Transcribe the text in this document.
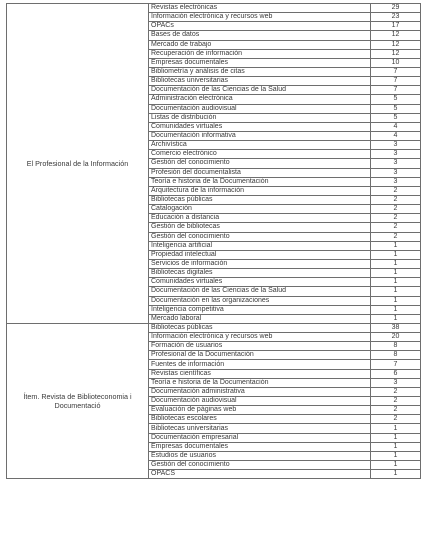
El Profesional de la Información	Revistas electrónicas	29
	Información electrónica y recursos web	23
	OPACs	17
	Bases de datos	12
	Mercado de trabajo	12
	Recuperación de información	12
	Empresas documentales	10
	Bibliometría y análisis de citas	7
	Bibliotecas universitarias	7
	Documentación de las Ciencias de la Salud	7
	Administración electrónica	5
	Documentación audiovisual	5
	Listas de distribución	5
	Comunidades virtuales	4
	Documentación informativa	4
	Archivística	3
	Comercio electrónico	3
	Gestión del conocimiento	3
	Profesión del documentalista	3
	Teoría e historia de la Documentación	3
	Arquitectura de la información	2
	Bibliotecas públicas	2
	Catalogación	2
	Educación a distancia	2
	Gestión de bibliotecas	2
	Gestión del conocimiento	2
	Inteligencia artificial	1
	Propiedad intelectual	1
	Servicios de información	1
	Bibliotecas digitales	1
	Comunidades virtuales	1
	Documentación de las Ciencias de la Salud	1
	Documentación en las organizaciones	1
	Inteligencia competitiva	1
	Mercado laboral	1
Ítem. Revista de Biblioteconomia i Documentació	Bibliotecas públicas	38
	Información electrónica y recursos web	20
	Formación de usuarios	8
	Profesional de la Documentación	8
	Fuentes de información	7
	Revistas científicas	6
	Teoría e historia de la Documentación	3
	Documentación administrativa	2
	Documentación audiovisual	2
	Evaluación de páginas web	2
	Bibliotecas escolares	2
	Bibliotecas universitarias	1
	Documentación empresarial	1
	Empresas documentales	1
	Estudios de usuarios	1
	Gestión del conocimiento	1
	OPACS	1
